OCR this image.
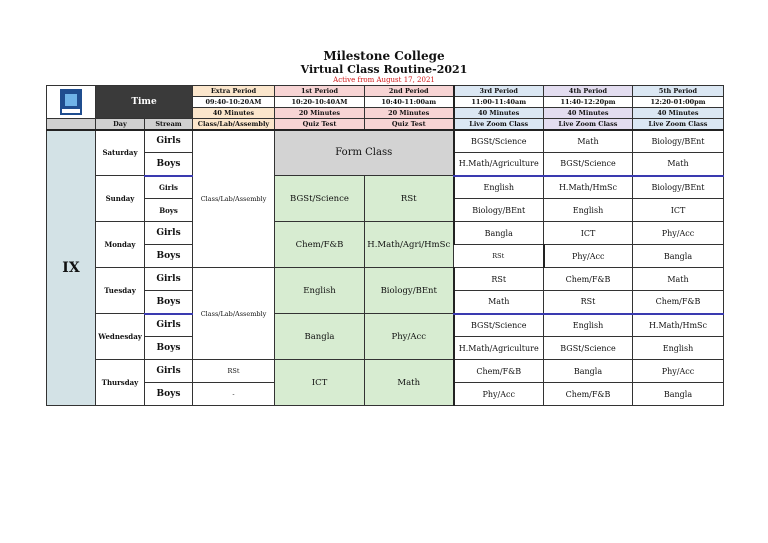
Milestone College
Virtual Class Routine-2021
Active from August 17, 2021
	Time		Extra Period	1st Period	2nd Period	3rd Period	4th Period	5th Period	
			09:40-10:20AM	10:20-10:40AM	10:40-11:00am	11:00-11:40am	11:40-12:20pm	12:20-01:00pm	
			40 Minutes	20 Minutes	20 Minutes	40 Minutes	40 Minutes	40 Minutes	
	Day	Stream	Class/Lab/Assembly	Quiz Test	Quiz Test	Live Zoom Class	Live Zoom Class	Live Zoom Class	
IX	Saturday	Girls	Class/Lab/Assembly	Form Class		BGSt/Science	Math	Biology/BEnt	
		Boys				H.Math/Agriculture	BGSt/Science	Math	
	Sunday	Girls		BGSt/Science	RSt	English	H.Math/HmSc	Biology/BEnt	
		Boys				Biology/BEnt	English	ICT	
	Monday	Girls		Chem/F&B	H.Math/Agri/HmSc	Bangla	ICT	Phy/Acc	
		Boys				RSt	Phy/Acc	Bangla	
	Tuesday	Girls	Class/Lab/Assembly	English	Biology/BEnt	RSt	Chem/F&B	Math	
		Boys				Math	RSt	Chem/F&B	
	Wednesday	Girls		Bangla	Phy/Acc	BGSt/Science	English	H.Math/HmSc	
		Boys				H.Math/Agriculture	BGSt/Science	English	
	Thursday	Girls	RSt	ICT	Math	Chem/F&B	Bangla	Phy/Acc	
		Boys	-			Phy/Acc	Chem/F&B	Bangla	
